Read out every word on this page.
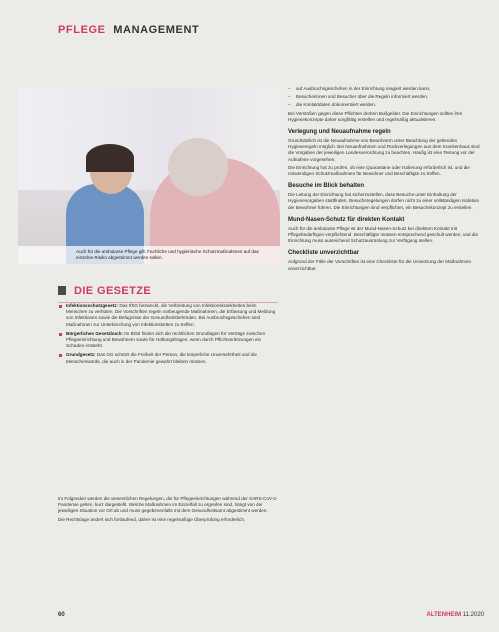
PFLEGE MANAGEMENT
Auch für die ambulante Pflege gilt: Fachliche und hygienische Schutzmaßnahmen auf das einzelne Risiko abgestimmt werden sollen.
DIE GESETZE

Infektionsschutzgesetz: Das IfSG bezweckt, die Verbreitung von Infektionskrankheiten beim Menschen zu verhüten. Die Vorschriften regeln vorbeugende Maßnahmen, die Erfassung und Meldung von Infektionen sowie die Befugnisse der Gesundheitsbehörden. Bei Ausbruchsgeschehen sind Maßnahmen zur Unterbrechung von Infektionsketten zu treffen.

Bürgerliches Gesetzbuch: Im BGB finden sich die rechtlichen Grundlagen für Verträge zwischen Pflegeeinrichtung und Bewohnern sowie für Haftungsfragen, wenn durch Pflichtverletzungen ein Schaden entsteht.

Grundgesetz: Das GG schützt die Freiheit der Person, die körperliche Unversehrtheit und die Menschenwürde, die auch in der Pandemie gewahrt bleiben müssen.

Im Folgenden werden die wesentlichen Regelungen, die für Pflegeeinrichtungen während der SARS-CoV-2-Pandemie gelten, kurz dargestellt. Welche Maßnahmen im Einzelfall zu ergreifen sind, hängt von der jeweiligen Situation vor Ort ab und muss gegebenenfalls mit dem Gesundheitsamt abgestimmt werden.

Die Rechtslage ändert sich fortlaufend, daher ist eine regelmäßige Überprüfung erforderlich.

– auf Ausbruchsgeschehen in der Einrichtung reagiert werden kann,

– Besucherinnen und Besucher über die Regeln informiert werden,

– die Kontaktdaten dokumentiert werden.

Bei Verstößen gegen diese Pflichten drohen Bußgelder. Die Einrichtungen sollten ihre Hygienekonzepte daher sorgfältig erstellen und regelmäßig aktualisieren.

Verlegung und Neuaufnahme regeln

Grundsätzlich ist die Neuaufnahme von Bewohnern unter Beachtung der geltenden Hygieneregeln möglich. Bei Neuaufnahmen und Rückverlegungen aus dem Krankenhaus sind die Vorgaben der jeweiligen Landesverordnung zu beachten. Häufig ist eine Testung vor der Aufnahme vorgesehen.

Die Einrichtung hat zu prüfen, ob eine Quarantäne oder Isolierung erforderlich ist, und die notwendigen Schutzmaßnahmen für Bewohner und Beschäftigte zu treffen.

Besuche im Blick behalten

Die Leitung der Einrichtung hat sicherzustellen, dass Besuche unter Einhaltung der Hygienevorgaben stattfinden. Besuchsregelungen dürfen nicht zu einer vollständigen Isolation der Bewohner führen. Die Einrichtungen sind verpflichtet, ein Besuchskonzept zu erstellen.

Mund-Nasen-Schutz für direkten Kontakt

Auch für die ambulante Pflege ist der Mund-Nasen-Schutz bei direktem Kontakt mit Pflegebedürftigen verpflichtend. Beschäftigte müssen entsprechend geschult werden, und die Einrichtung muss ausreichend Schutzausrüstung zur Verfügung stellen.

Checkliste unverzichtbar

Aufgrund der Fülle der Vorschriften ist eine Checkliste für die Umsetzung der Maßnahmen unverzichtbar.

60	ALTENHEIM 11.2020
